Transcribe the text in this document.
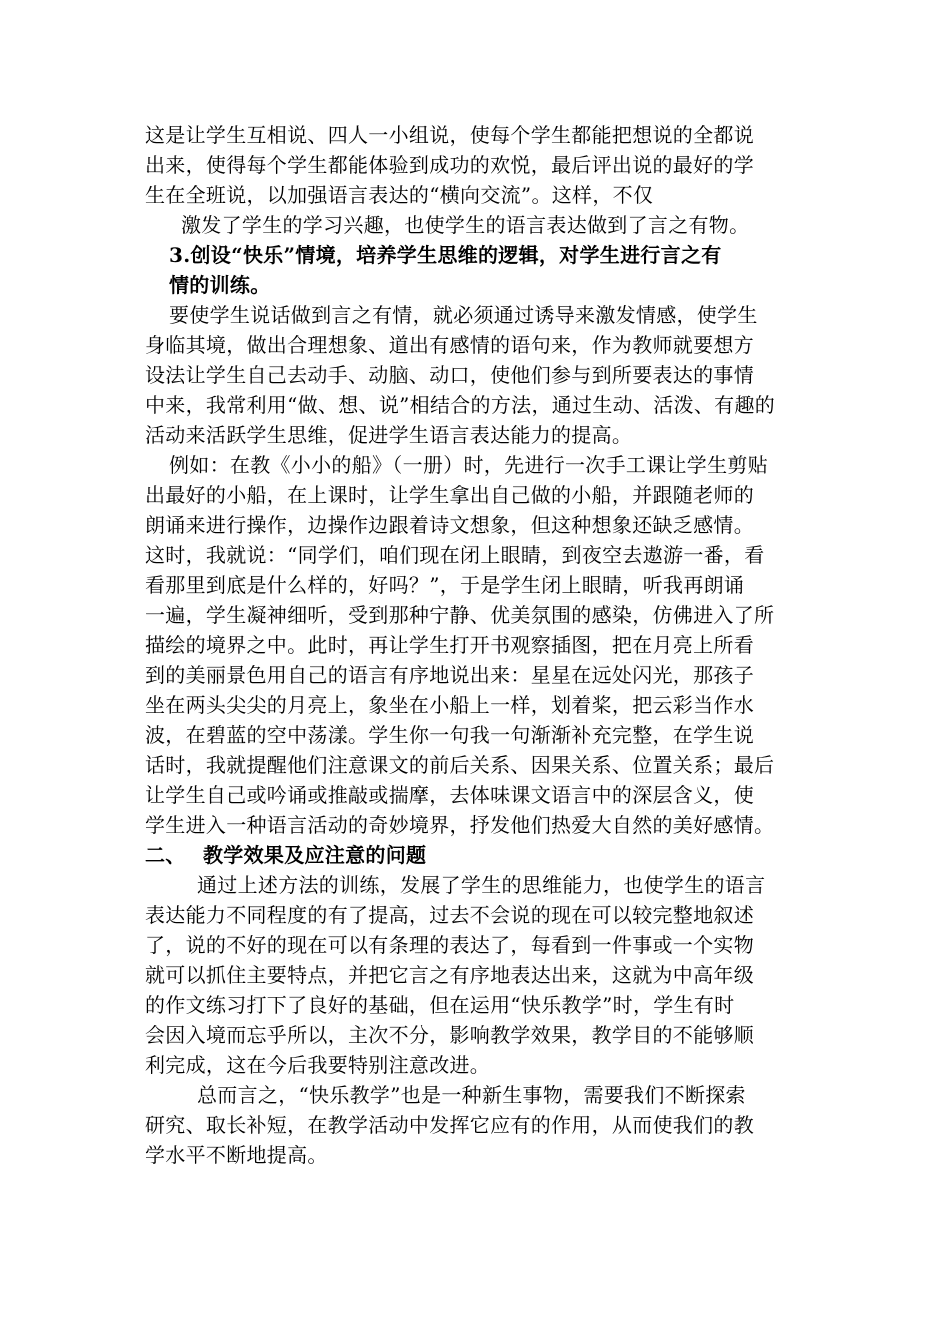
这是让学生互相说、四人一小组说，使每个学生都能把想说的全都说
出来，使得每个学生都能体验到成功的欢悦，最后评出说的最好的学
生在全班说，以加强语言表达的“横向交流”。这样，不仅
激发了学生的学习兴趣，也使学生的语言表达做到了言之有物。
3.创设“快乐”情境，培养学生思维的逻辑，对学生进行言之有
情的训练。
要使学生说话做到言之有情，就必须通过诱导来激发情感，使学生
身临其境，做出合理想象、道出有感情的语句来，作为教师就要想方
设法让学生自己去动手、动脑、动口，使他们参与到所要表达的事情
中来，我常利用“做、想、说”相结合的方法，通过生动、活泼、有趣的
活动来活跃学生思维，促进学生语言表达能力的提高。
例如：在教《小小的船》（一册）时，先进行一次手工课让学生剪贴
出最好的小船，在上课时，让学生拿出自己做的小船，并跟随老师的
朗诵来进行操作，边操作边跟着诗文想象，但这种想象还缺乏感情。
这时，我就说：“同学们，咱们现在闭上眼睛，到夜空去遨游一番，看
看那里到底是什么样的，好吗？”，于是学生闭上眼睛，听我再朗诵
一遍，学生凝神细听，受到那种宁静、优美氛围的感染，仿佛进入了所
描绘的境界之中。此时，再让学生打开书观察插图，把在月亮上所看
到的美丽景色用自己的语言有序地说出来：星星在远处闪光，那孩子
坐在两头尖尖的月亮上，象坐在小船上一样，划着桨，把云彩当作水
波，在碧蓝的空中荡漾。学生你一句我一句渐渐补充完整，在学生说
话时，我就提醒他们注意课文的前后关系、因果关系、位置关系；最后
让学生自己或吟诵或推敲或揣摩，去体味课文语言中的深层含义，使
学生进入一种语言活动的奇妙境界，抒发他们热爱大自然的美好感情。
二、 教学效果及应注意的问题
通过上述方法的训练，发展了学生的思维能力，也使学生的语言
表达能力不同程度的有了提高，过去不会说的现在可以较完整地叙述
了，说的不好的现在可以有条理的表达了，每看到一件事或一个实物
就可以抓住主要特点，并把它言之有序地表达出来，这就为中高年级
的作文练习打下了良好的基础，但在运用“快乐教学”时，学生有时
会因入境而忘乎所以，主次不分，影响教学效果，教学目的不能够顺
利完成，这在今后我要特别注意改进。
总而言之，“快乐教学”也是一种新生事物，需要我们不断探索
研究、取长补短，在教学活动中发挥它应有的作用，从而使我们的教
学水平不断地提高。
